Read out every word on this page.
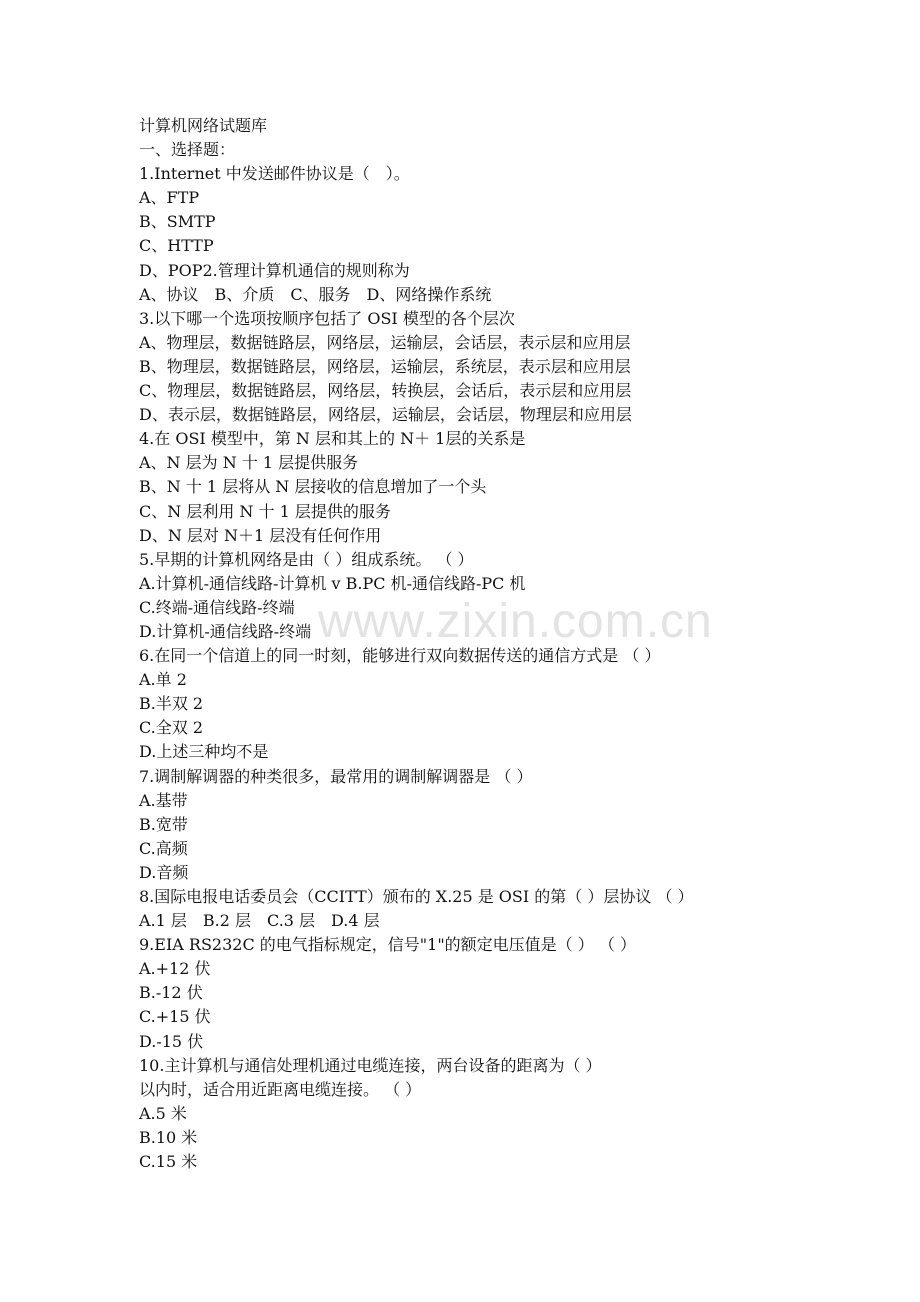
www.zixin.com.cn
计算机网络试题库
一、选择题：
1.Internet 中发送邮件协议是（　）。
A、FTP
B、SMTP
C、HTTP
D、POP2.管理计算机通信的规则称为
A、协议　B、介质　C、服务　D、网络操作系统
3.以下哪一个选项按顺序包括了 OSI 模型的各个层次
A、物理层，数据链路层，网络层，运输层，会话层，表示层和应用层
B、物理层，数据链路层，网络层，运输层，系统层，表示层和应用层
C、物理层，数据链路层，网络层，转换层，会话后，表示层和应用层
D、表示层，数据链路层，网络层，运输层，会话层，物理层和应用层
4.在 OSI 模型中，第 N 层和其上的 N＋ 1层的关系是
A、N 层为 N 十 1 层提供服务
B、N 十 1 层将从 N 层接收的信息增加了一个头
C、N 层利用 N 十 1 层提供的服务
D、N 层对 N＋1 层没有任何作用
5.早期的计算机网络是由（ ）组成系统。 （ ）
A.计算机-通信线路-计算机 v B.PC 机-通信线路-PC 机
C.终端-通信线路-终端
D.计算机-通信线路-终端
6.在同一个信道上的同一时刻，能够进行双向数据传送的通信方式是 （ ）
A.单 2
B.半双 2
C.全双 2
D.上述三种均不是
7.调制解调器的种类很多，最常用的调制解调器是 （ ）
A.基带
B.宽带
C.高频
D.音频
8.国际电报电话委员会（CCITT）颁布的 X.25 是 OSI 的第（ ）层协议 （ ）
A.1 层　B.2 层　C.3 层　D.4 层
9.EIA RS232C 的电气指标规定，信号"1"的额定电压值是（ ） （ ）
A.+12 伏
B.-12 伏
C.+15 伏
D.-15 伏
10.主计算机与通信处理机通过电缆连接，两台设备的距离为（ ）
以内时，适合用近距离电缆连接。 （ ）
A.5 米
B.10 米
C.15 米
